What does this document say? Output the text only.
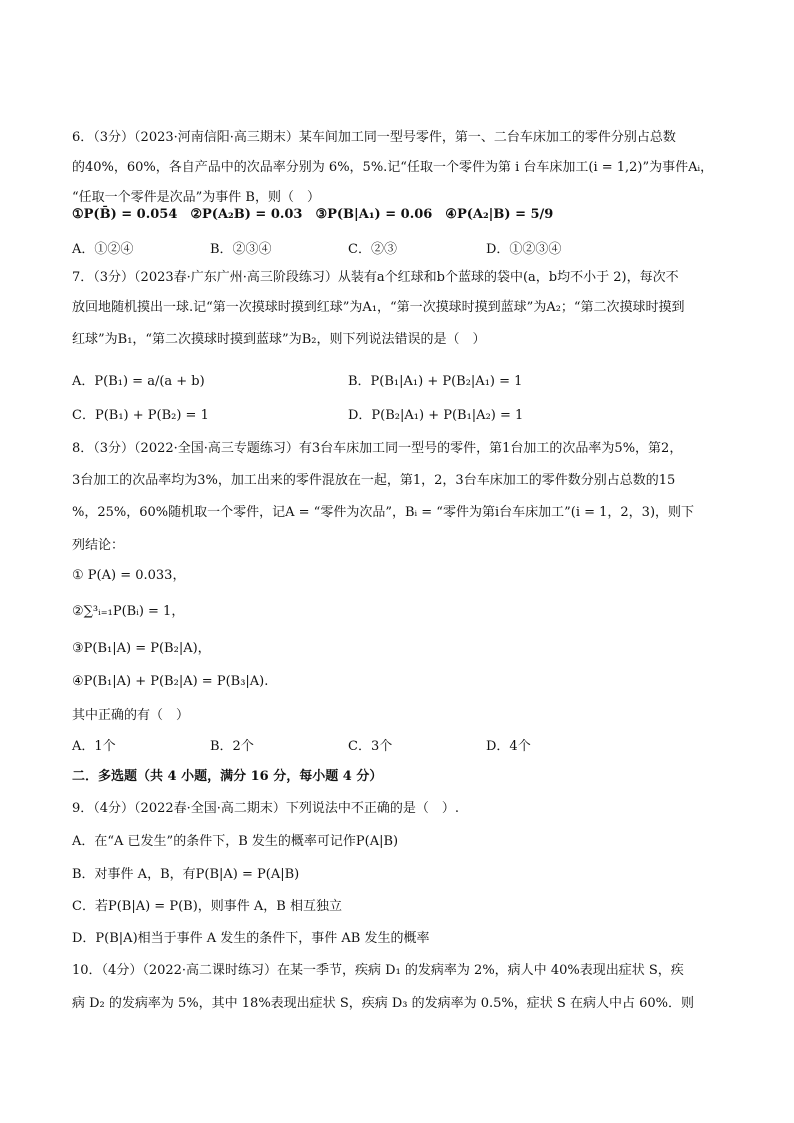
6．（3分）（2023·河南信阳·高三期末）某车间加工同一型号零件，第一、二台车床加工的零件分别占总数
的40%，60%，各自产品中的次品率分别为 6%，5%.记“任取一个零件为第 i 台车床加工(i = 1,2)”为事件Aᵢ，
“任取一个零件是次品”为事件 B，则（　）
①P(B̄) = 0.054　②P(A₂B) = 0.03　③P(B|A₁) = 0.06　④P(A₂|B) = 5/9
A．①②④	B．②③④	C．②③	D．①②③④
7．（3分）（2023春·广东广州·高三阶段练习）从装有a个红球和b个蓝球的袋中(a，b均不小于 2)，每次不
放回地随机摸出一球.记“第一次摸球时摸到红球”为A₁，“第一次摸球时摸到蓝球”为A₂；“第二次摸球时摸到
红球”为B₁，“第二次摸球时摸到蓝球”为B₂，则下列说法错误的是（　）
A．P(B₁) = a/(a + b)	B．P(B₁|A₁) + P(B₂|A₁) = 1
C．P(B₁) + P(B₂) = 1	D．P(B₂|A₁) + P(B₁|A₂) = 1
8．（3分）（2022·全国·高三专题练习）有3台车床加工同一型号的零件，第1台加工的次品率为5%，第2，
3台加工的次品率均为3%，加工出来的零件混放在一起，第1，2，3台车床加工的零件数分别占总数的15
%，25%，60%随机取一个零件，记A = “零件为次品”，Bᵢ = “零件为第i台车床加工”(i = 1，2，3)，则下
列结论：
① P(A) = 0.033，
②∑³ᵢ₌₁P(Bᵢ) = 1，
③P(B₁|A) = P(B₂|A)，
④P(B₁|A) + P(B₂|A) = P(B₃|A).
其中正确的有（　）
A．1个	B．2个	C．3个	D．4个
二．多选题（共 4 小题，满分 16 分，每小题 4 分）
9．（4分）（2022春·全国·高二期末）下列说法中不正确的是（　）.
A．在“A 已发生”的条件下，B 发生的概率可记作P(A|B)
B．对事件 A，B，有P(B|A) = P(A|B)
C．若P(B|A) = P(B)，则事件 A，B 相互独立
D．P(B|A)相当于事件 A 发生的条件下，事件 AB 发生的概率
10．（4分）（2022·高二课时练习）在某一季节，疾病 D₁ 的发病率为 2%，病人中 40%表现出症状 S，疾
病 D₂ 的发病率为 5%，其中 18%表现出症状 S，疾病 D₃ 的发病率为 0.5%，症状 S 在病人中占 60%．则
